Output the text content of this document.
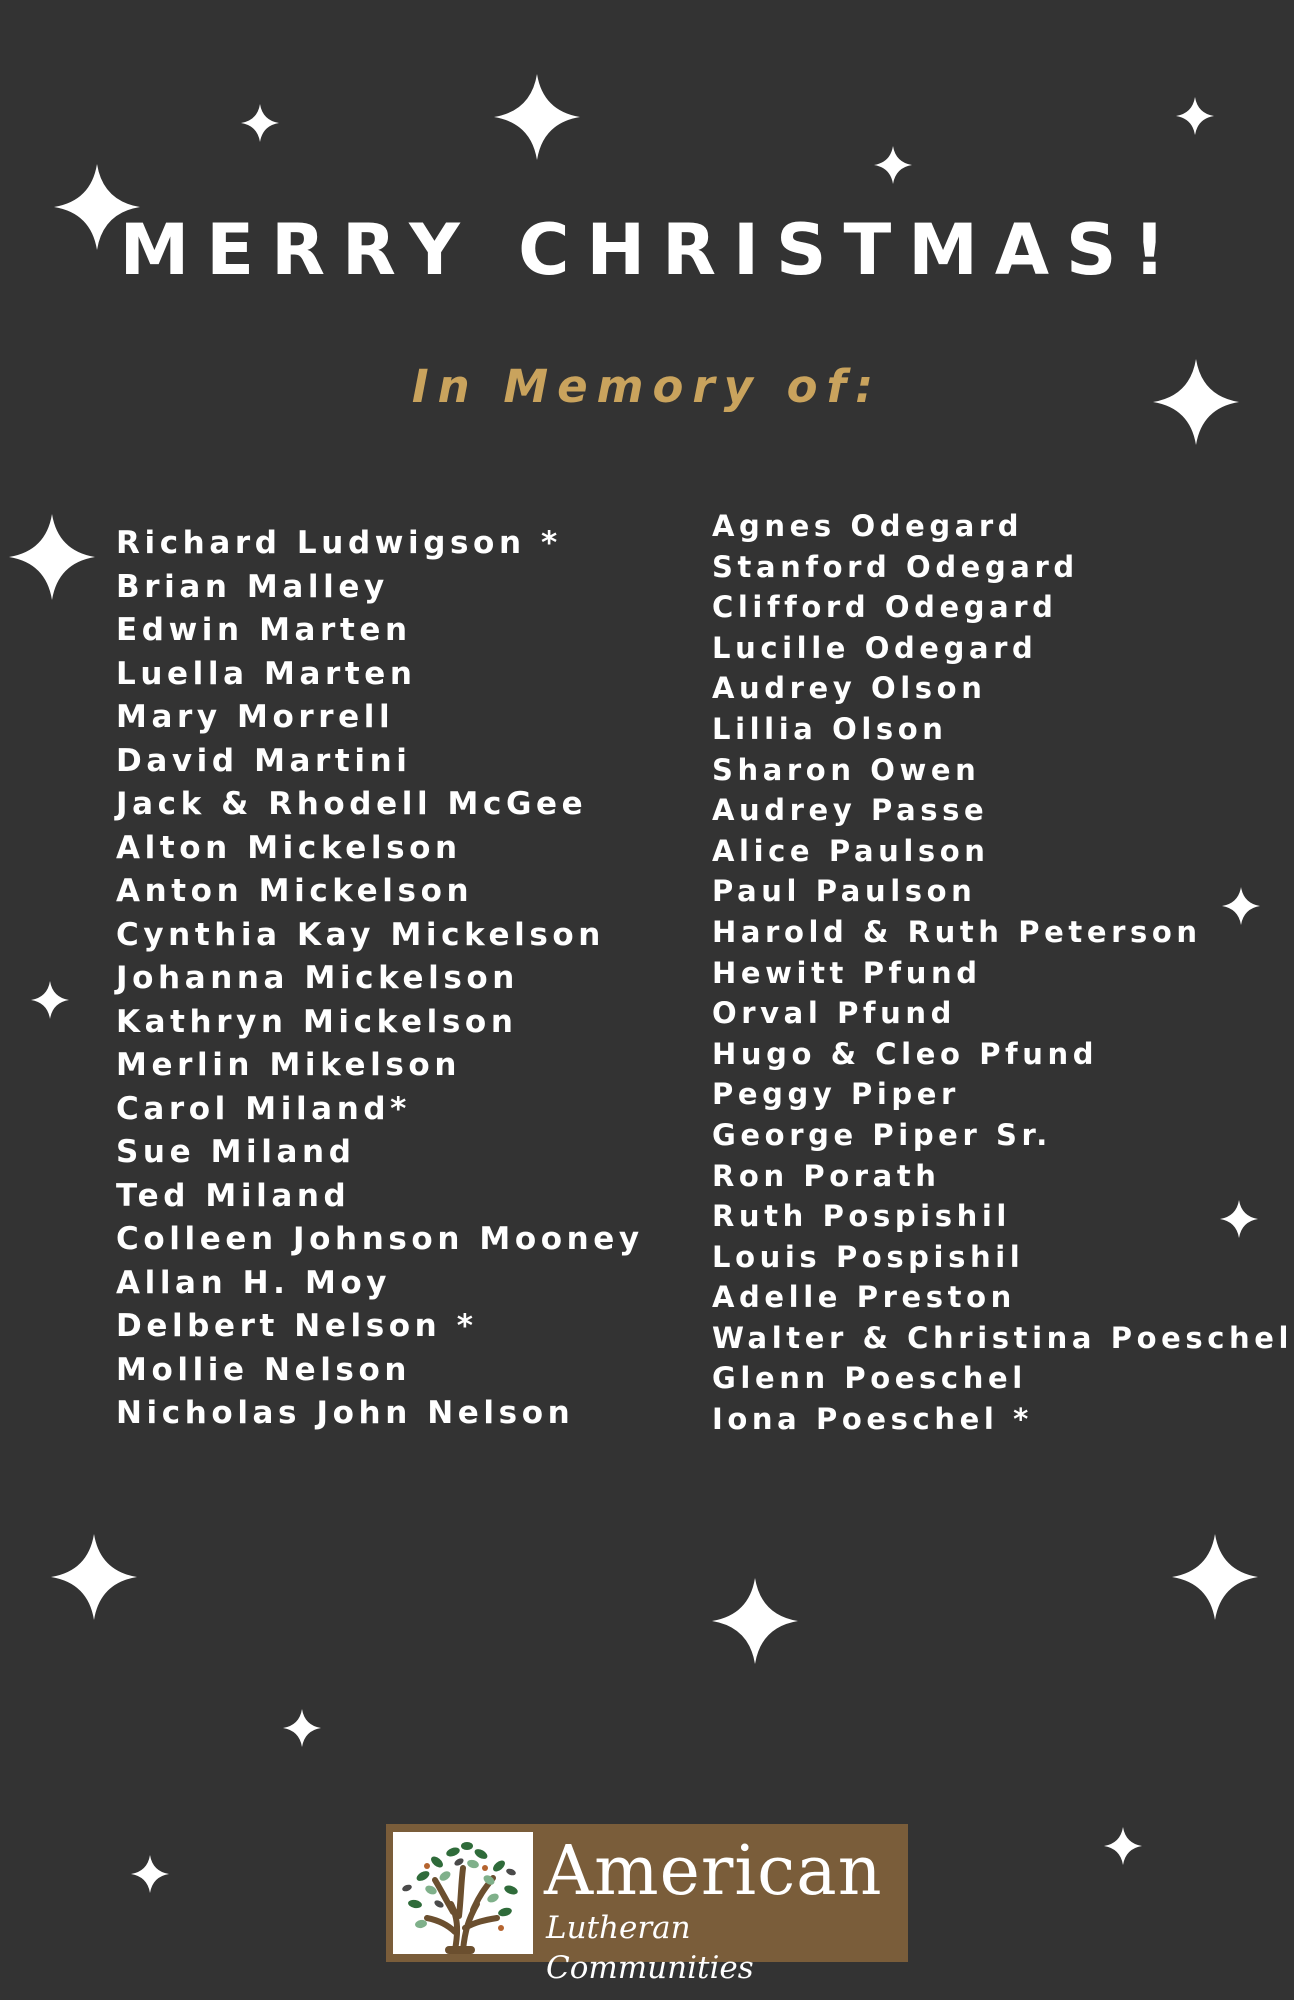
MERRY CHRISTMAS!
In Memory of:
Richard Ludwigson *
Brian Malley
Edwin Marten
Luella Marten
Mary Morrell
David Martini
Jack & Rhodell McGee
Alton Mickelson
Anton Mickelson
Cynthia Kay Mickelson
Johanna Mickelson
Kathryn Mickelson
Merlin Mikelson
Carol Miland*
Sue Miland
Ted Miland
Colleen Johnson Mooney
Allan H. Moy
Delbert Nelson *
Mollie Nelson
Nicholas John Nelson
Agnes Odegard
Stanford Odegard
Clifford Odegard
Lucille Odegard
Audrey Olson
Lillia Olson
Sharon Owen
Audrey Passe
Alice Paulson
Paul Paulson
Harold & Ruth Peterson
Hewitt Pfund
Orval Pfund
Hugo & Cleo Pfund
Peggy Piper
George Piper Sr.
Ron Porath
Ruth Pospishil
Louis Pospishil
Adelle Preston
Walter & Christina Poeschel
Glenn Poeschel
Iona Poeschel *
American
Lutheran Communities
